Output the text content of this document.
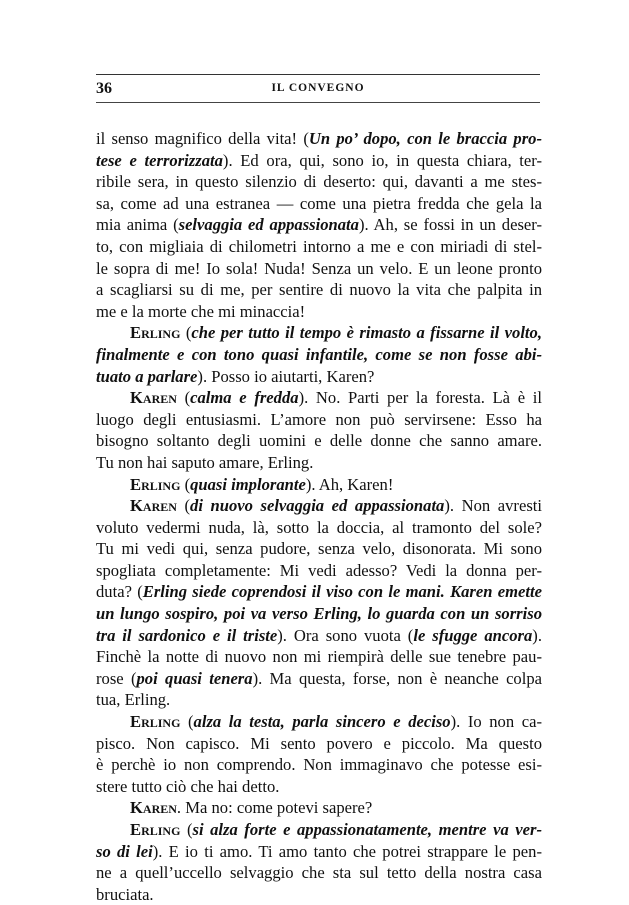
36	IL CONVEGNO
il senso magnifico della vita! (Un po’ dopo, con le braccia pro-
tese e terrorizzata). Ed ora, qui, sono io, in questa chiara, ter-
ribile sera, in questo silenzio di deserto: qui, davanti a me stes-
sa, come ad una estranea — come una pietra fredda che gela la
mia anima (selvaggia ed appassionata). Ah, se fossi in un deser-
to, con migliaia di chilometri intorno a me e con miriadi di stel-
le sopra di me! Io sola! Nuda! Senza un velo. E un leone pronto
a scagliarsi su di me, per sentire di nuovo la vita che palpita in
me e la morte che mi minaccia!
Erling (che per tutto il tempo è rimasto a fissarne il volto,
finalmente e con tono quasi infantile, come se non fosse abi-
tuato a parlare). Posso io aiutarti, Karen?
Karen (calma e fredda). No. Parti per la foresta. Là è il
luogo degli entusiasmi. L’amore non può servirsene: Esso ha
bisogno soltanto degli uomini e delle donne che sanno amare.
Tu non hai saputo amare, Erling.
Erling (quasi implorante). Ah, Karen!
Karen (di nuovo selvaggia ed appassionata). Non avresti
voluto vedermi nuda, là, sotto la doccia, al tramonto del sole?
Tu mi vedi qui, senza pudore, senza velo, disonorata. Mi sono
spogliata completamente: Mi vedi adesso? Vedi la donna per-
duta? (Erling siede coprendosi il viso con le mani. Karen emette
un lungo sospiro, poi va verso Erling, lo guarda con un sorriso
tra il sardonico e il triste). Ora sono vuota (le sfugge ancora).
Finchè la notte di nuovo non mi riempirà delle sue tenebre pau-
rose (poi quasi tenera). Ma questa, forse, non è neanche colpa
tua, Erling.
Erling (alza la testa, parla sincero e deciso). Io non ca-
pisco. Non capisco. Mi sento povero e piccolo. Ma questo
è perchè io non comprendo. Non immaginavo che potesse esi-
stere tutto ciò che hai detto.
Karen. Ma no: come potevi sapere?
Erling (si alza forte e appassionatamente, mentre va ver-
so di lei). E io ti amo. Ti amo tanto che potrei strappare le pen-
ne a quell’uccello selvaggio che sta sul tetto della nostra casa
bruciata.
